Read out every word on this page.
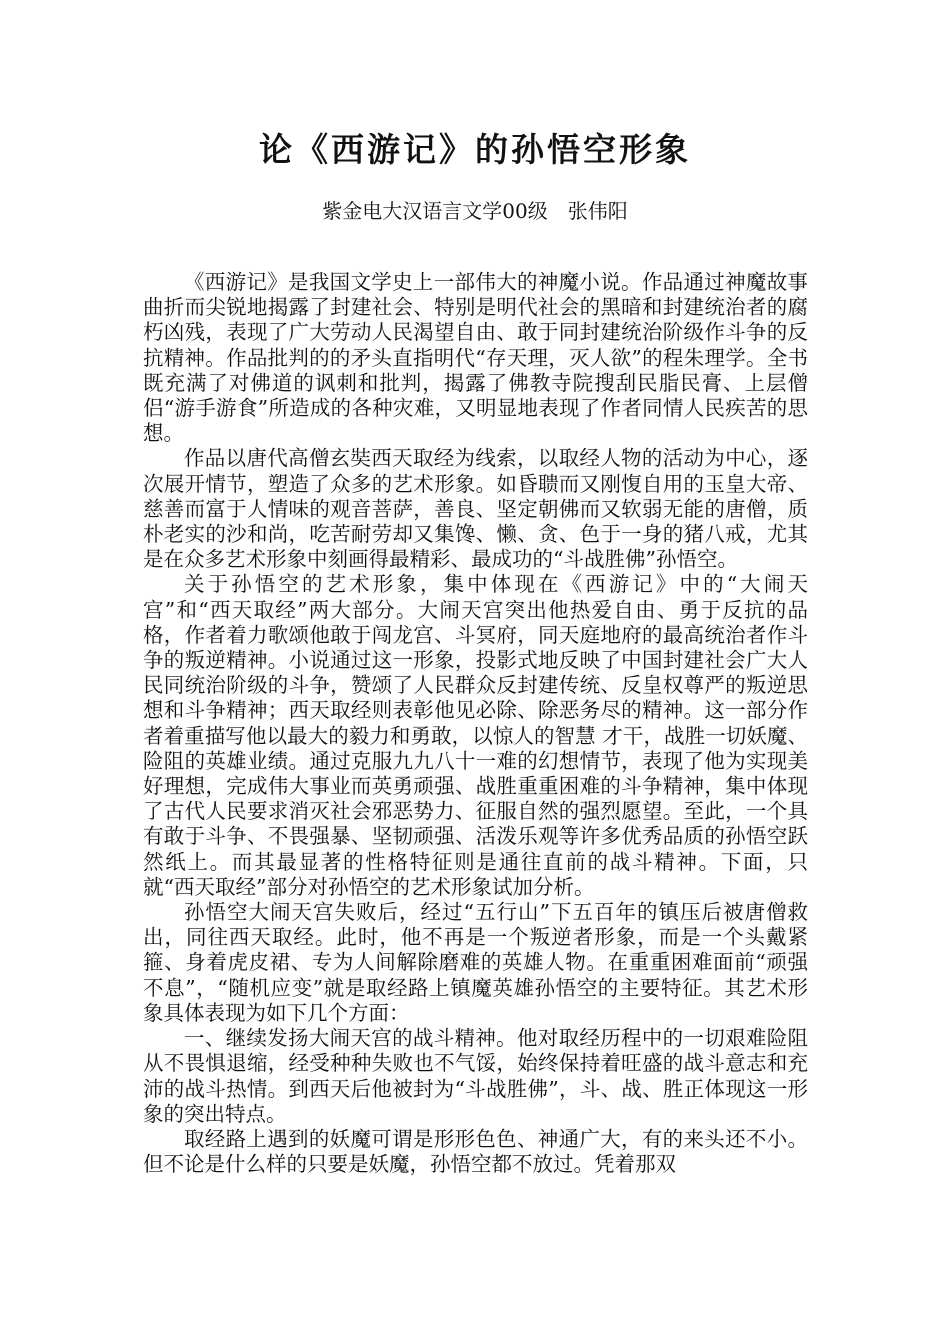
论《西游记》的孙悟空形象

紫金电大汉语言文学00级　张伟阳

《西游记》是我国文学史上一部伟大的神魔小说。作品通过神魔故事曲折而尖锐地揭露了封建社会、特别是明代社会的黑暗和封建统治者的腐朽凶残，表现了广大劳动人民渴望自由、敢于同封建统治阶级作斗争的反抗精神。作品批判的的矛头直指明代“存天理，灭人欲”的程朱理学。全书既充满了对佛道的讽刺和批判，揭露了佛教寺院搜刮民脂民膏、上层僧侣“游手游食”所造成的各种灾难，又明显地表现了作者同情人民疾苦的思想。

作品以唐代高僧玄奘西天取经为线索，以取经人物的活动为中心，逐次展开情节，塑造了众多的艺术形象。如昏聩而又刚愎自用的玉皇大帝、慈善而富于人情味的观音菩萨，善良、坚定朝佛而又软弱无能的唐僧，质朴老实的沙和尚，吃苦耐劳却又集馋、懒、贪、色于一身的猪八戒，尤其是在众多艺术形象中刻画得最精彩、最成功的“斗战胜佛”孙悟空。

关于孙悟空的艺术形象，集中体现在《西游记》中的“大闹天宫”和“西天取经”两大部分。大闹天宫突出他热爱自由、勇于反抗的品格，作者着力歌颂他敢于闯龙宫、斗冥府，同天庭地府的最高统治者作斗争的叛逆精神。小说通过这一形象，投影式地反映了中国封建社会广大人民同统治阶级的斗争，赞颂了人民群众反封建传统、反皇权尊严的叛逆思想和斗争精神；西天取经则表彰他见必除、除恶务尽的精神。这一部分作者着重描写他以最大的毅力和勇敢，以惊人的智慧 才干，战胜一切妖魔、险阻的英雄业绩。通过克服九九八十一难的幻想情节，表现了他为实现美好理想，完成伟大事业而英勇顽强、战胜重重困难的斗争精神，集中体现了古代人民要求消灭社会邪恶势力、征服自然的强烈愿望。至此，一个具有敢于斗争、不畏强暴、坚韧顽强、活泼乐观等许多优秀品质的孙悟空跃然纸上。而其最显著的性格特征则是通往直前的战斗精神。下面，只就“西天取经”部分对孙悟空的艺术形象试加分析。

孙悟空大闹天宫失败后，经过“五行山”下五百年的镇压后被唐僧救出，同往西天取经。此时，他不再是一个叛逆者形象，而是一个头戴紧箍、身着虎皮裙、专为人间解除磨难的英雄人物。在重重困难面前“顽强不息”，“随机应变”就是取经路上镇魔英雄孙悟空的主要特征。其艺术形象具体表现为如下几个方面：

一、继续发扬大闹天宫的战斗精神。他对取经历程中的一切艰难险阻从不畏惧退缩，经受种种失败也不气馁，始终保持着旺盛的战斗意志和充沛的战斗热情。到西天后他被封为“斗战胜佛”，斗、战、胜正体现这一形象的突出特点。

取经路上遇到的妖魔可谓是形形色色、神通广大，有的来头还不小。但不论是什么样的只要是妖魔，孙悟空都不放过。凭着那双
